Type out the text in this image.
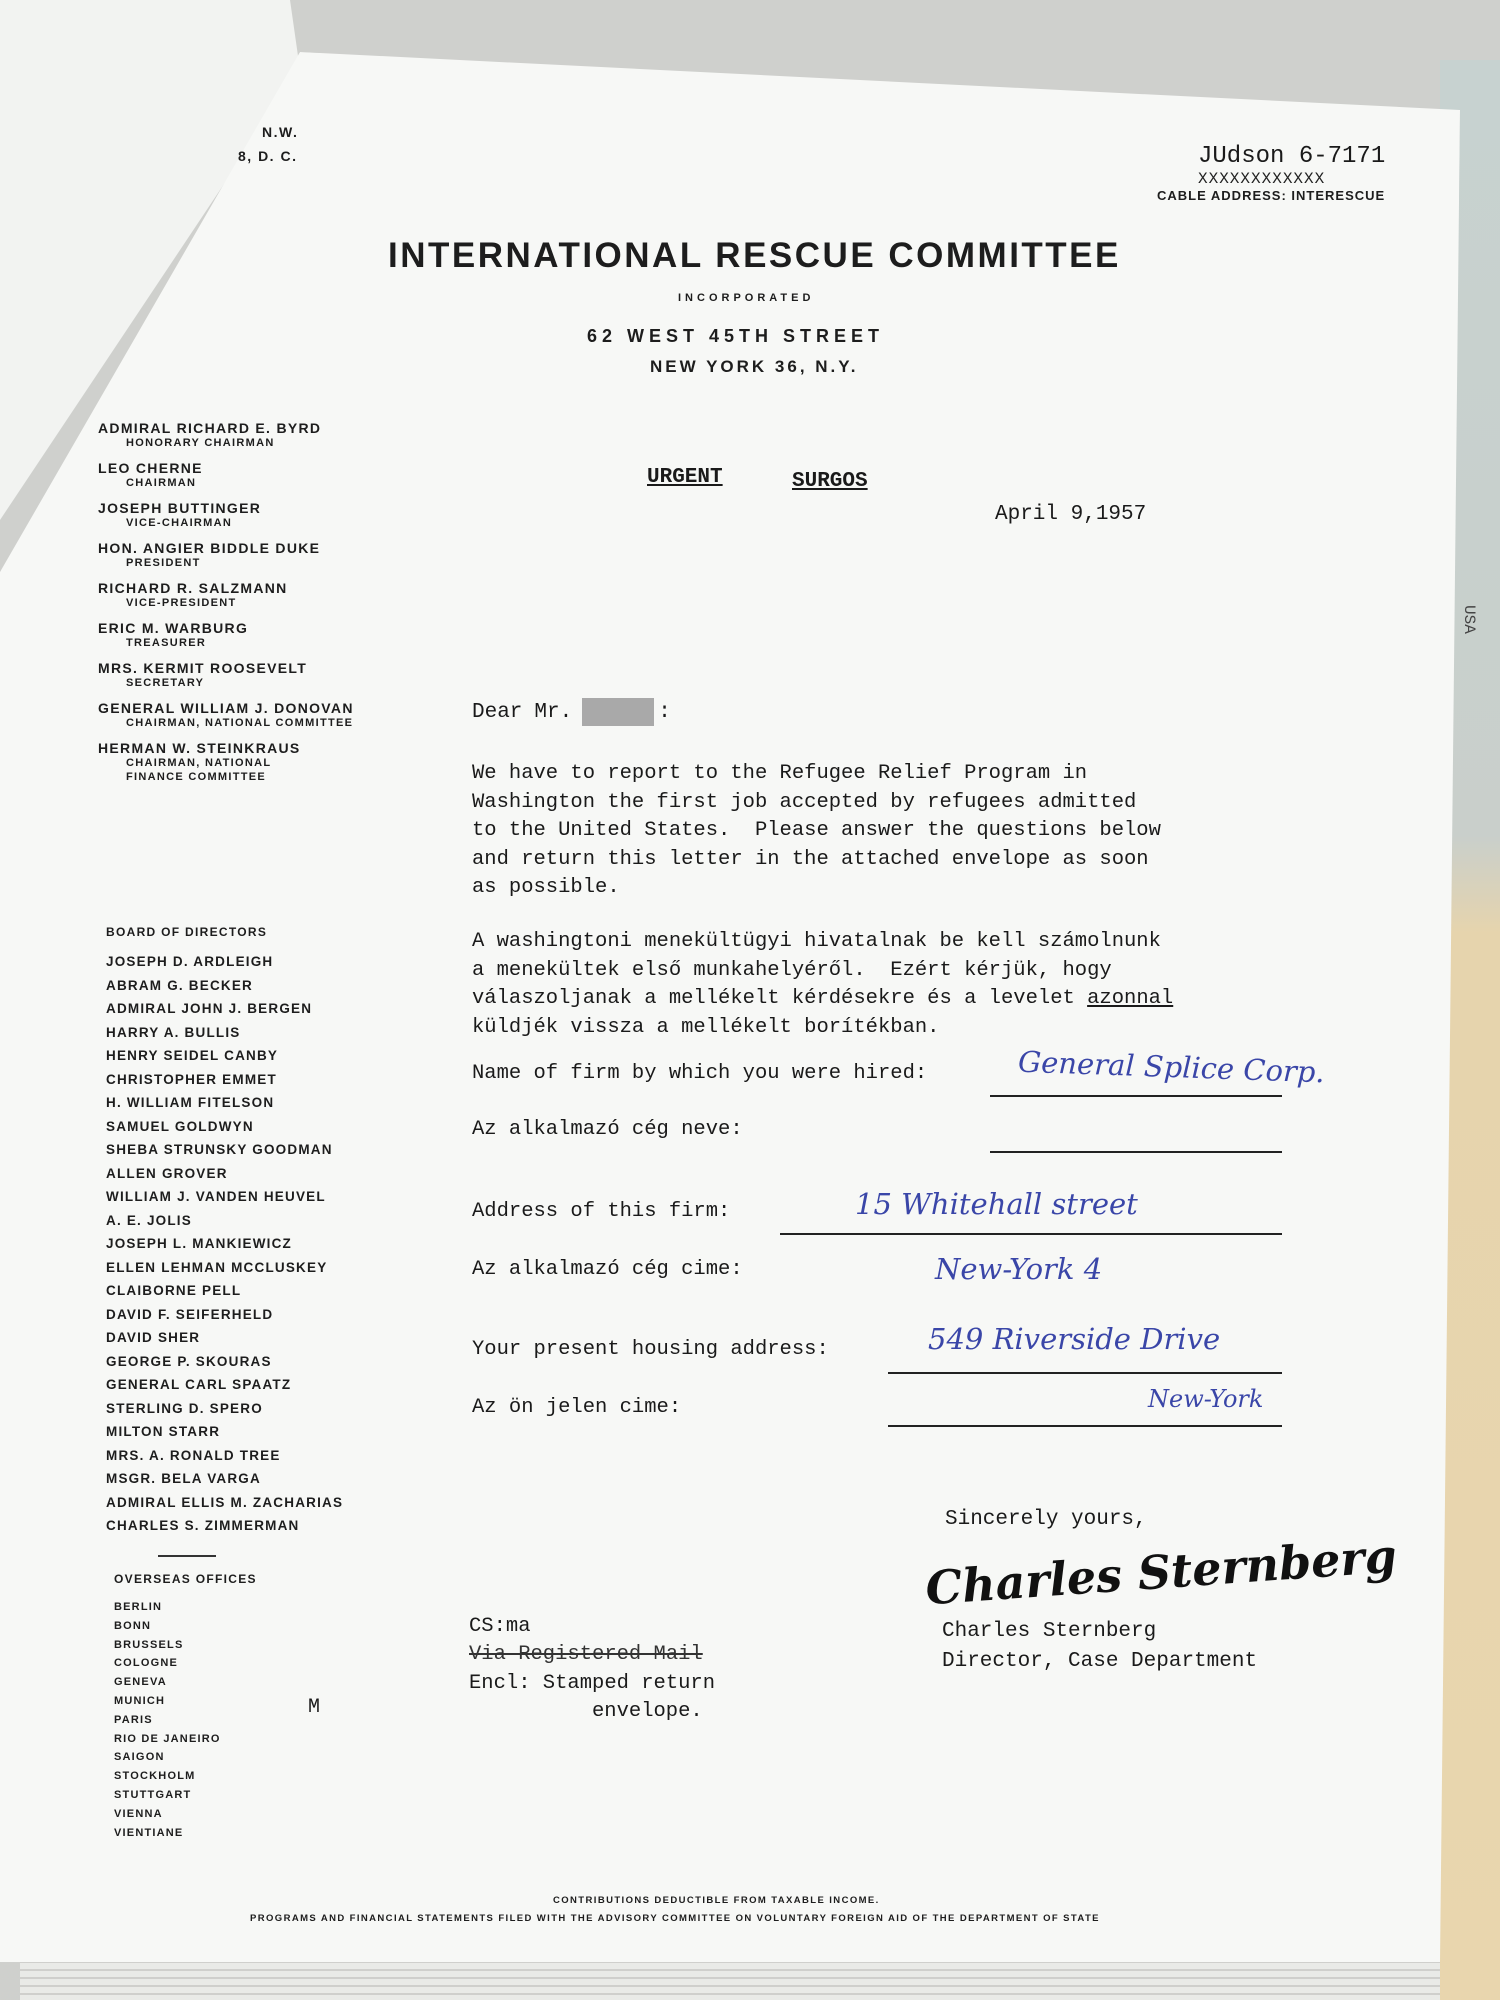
USA
N.W.
8, D. C.	JUdson 6-7171
XXXXXXXXXXXX
CABLE ADDRESS: INTERESCUE
INTERNATIONAL RESCUE COMMITTEE
INCORPORATED
62 WEST 45TH STREET
NEW YORK 36, N.Y.
ADMIRAL RICHARD E. BYRD
HONORARY CHAIRMAN
LEO CHERNE
CHAIRMAN
JOSEPH BUTTINGER
VICE-CHAIRMAN
HON. ANGIER BIDDLE DUKE
PRESIDENT
RICHARD R. SALZMANN
VICE-PRESIDENT
ERIC M. WARBURG
TREASURER
MRS. KERMIT ROOSEVELT
SECRETARY
GENERAL WILLIAM J. DONOVAN
CHAIRMAN, NATIONAL COMMITTEE
HERMAN W. STEINKRAUS
CHAIRMAN, NATIONAL
FINANCE COMMITTEE
BOARD OF DIRECTORS
JOSEPH D. ARDLEIGH
ABRAM G. BECKER
ADMIRAL JOHN J. BERGEN
HARRY A. BULLIS
HENRY SEIDEL CANBY
CHRISTOPHER EMMET
H. WILLIAM FITELSON
SAMUEL GOLDWYN
SHEBA STRUNSKY GOODMAN
ALLEN GROVER
WILLIAM J. VANDEN HEUVEL
A. E. JOLIS
JOSEPH L. MANKIEWICZ
ELLEN LEHMAN MCCLUSKEY
CLAIBORNE PELL
DAVID F. SEIFERHELD
DAVID SHER
GEORGE P. SKOURAS
GENERAL CARL SPAATZ
STERLING D. SPERO
MILTON STARR
MRS. A. RONALD TREE
MSGR. BELA VARGA
ADMIRAL ELLIS M. ZACHARIAS
CHARLES S. ZIMMERMAN
OVERSEAS OFFICES
BERLIN
BONN
BRUSSELS
COLOGNE
GENEVA
MUNICH
PARIS
RIO DE JANEIRO
SAIGON
STOCKHOLM
STUTTGART
VIENNA
VIENTIANE
M
URGENT	SURGOS
April 9,1957
Dear Mr.	:
We have to report to the Refugee Relief Program in
Washington the first job accepted by refugees admitted
to the United States.  Please answer the questions below
and return this letter in the attached envelope as soon
as possible.
A washingtoni menekültügyi hivatalnak be kell számolnunk
a menekültek első munkahelyéről.  Ezért kérjük, hogy
válaszoljanak a mellékelt kérdésekre és a levelet azonnal
küldjék vissza a mellékelt borítékban.
Name of firm by which you were hired:	General Splice Corp.
Az alkalmazó cég neve:
Address of this firm:	15 Whitehall street
Az alkalmazó cég cime:	New-York 4
Your present housing address:	549 Riverside Drive
Az ön jelen cime:	New-York
Sincerely yours,
Charles Sternberg
Charles Sternberg
Director, Case Department
CS:ma
Via Registered Mail
Encl: Stamped return
envelope.
CONTRIBUTIONS DEDUCTIBLE FROM TAXABLE INCOME.
PROGRAMS AND FINANCIAL STATEMENTS FILED WITH THE ADVISORY COMMITTEE ON VOLUNTARY FOREIGN AID OF THE DEPARTMENT OF STATE
